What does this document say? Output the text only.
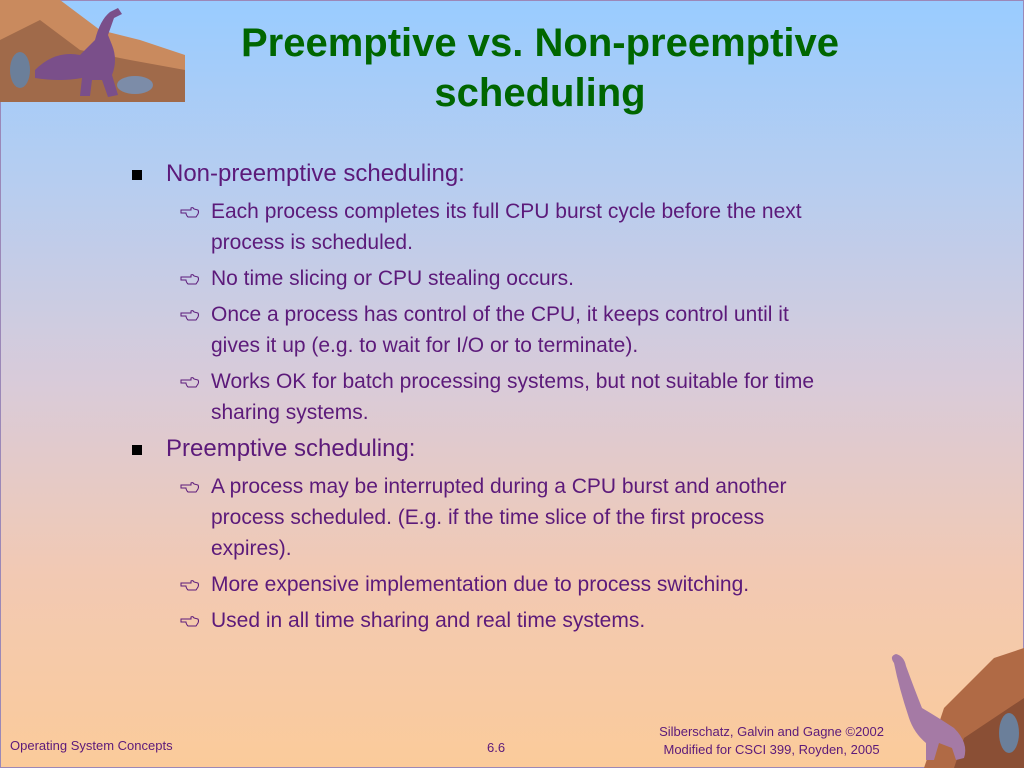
Preemptive vs. Non-preemptive scheduling
Non-preemptive scheduling:
Each process completes its full CPU burst cycle before the next process is scheduled.
No time slicing or CPU stealing occurs.
Once a process has control of the CPU, it keeps control until it gives it up (e.g. to wait for I/O or to terminate).
Works OK for batch processing systems, but not suitable for time sharing systems.
Preemptive scheduling:
A process may be interrupted during a CPU burst and another process scheduled. (E.g. if the time slice of the first process expires).
More expensive implementation due to process switching.
Used in all time sharing and real time systems.
Operating System Concepts	6.6
Silberschatz, Galvin and Gagne ©2002
Modified for CSCI 399, Royden, 2005
